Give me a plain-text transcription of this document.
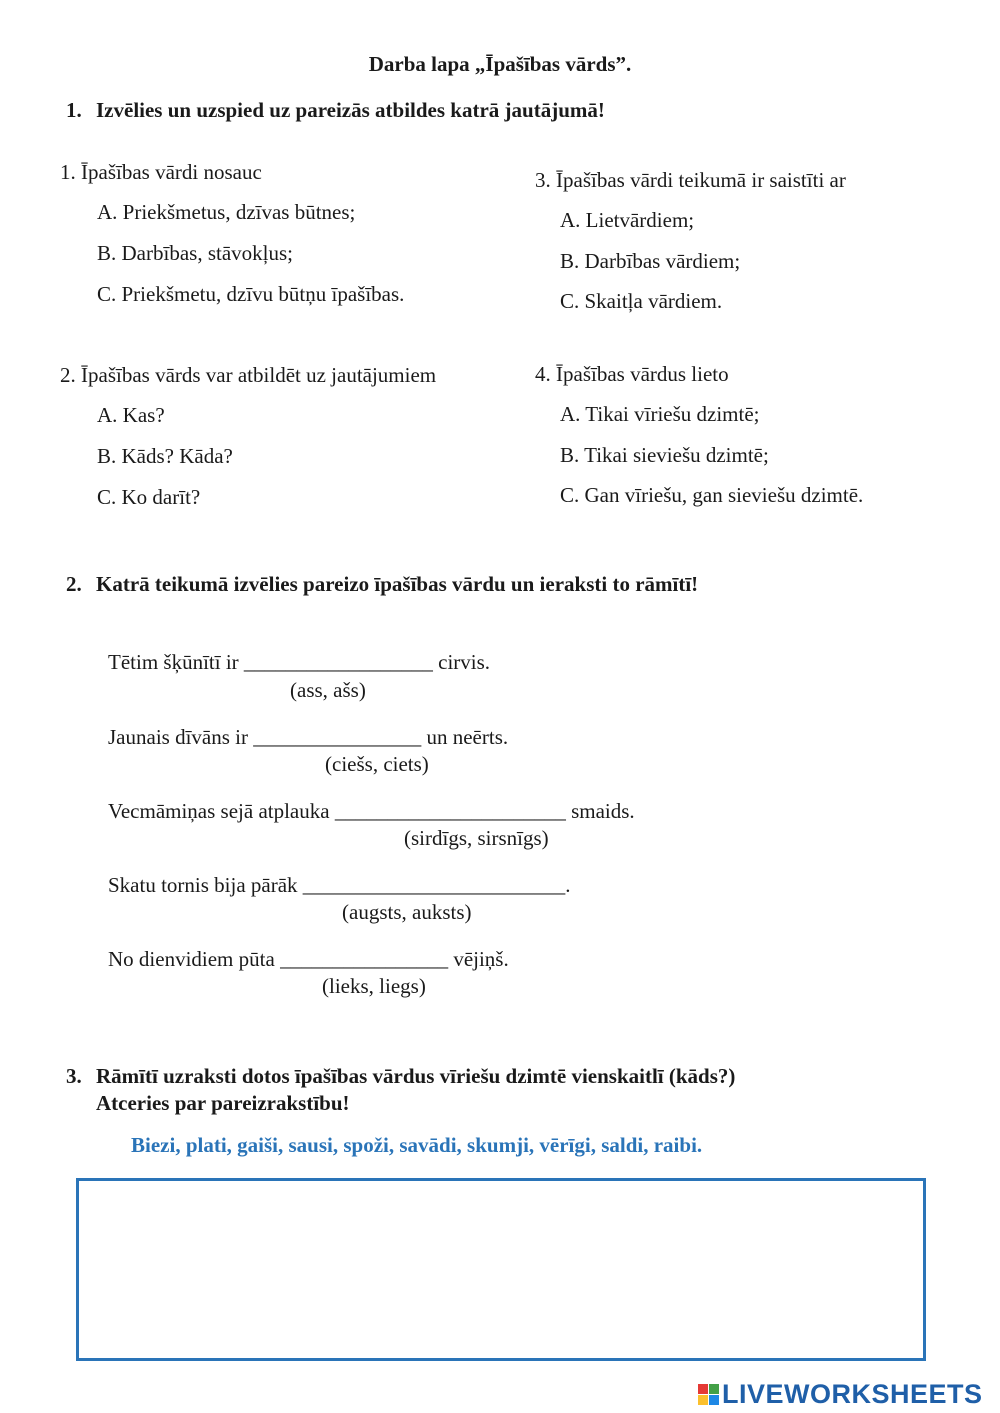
Darba lapa „Īpašības vārds”.
1. Izvēlies un uzspied uz pareizās atbildes katrā jautājumā!
1. Īpašības vārdi nosauc
A. Priekšmetus, dzīvas būtnes;
B. Darbības, stāvokļus;
C. Priekšmetu, dzīvu būtņu īpašības.
2. Īpašības vārds var atbildēt uz jautājumiem
A. Kas?
B. Kāds? Kāda?
C. Ko darīt?
3. Īpašības vārdi teikumā ir saistīti ar
A. Lietvārdiem;
B. Darbības vārdiem;
C. Skaitļa vārdiem.
4. Īpašības vārdus lieto
A. Tikai vīriešu dzimtē;
B. Tikai sieviešu dzimtē;
C. Gan vīriešu, gan sieviešu dzimtē.
2. Katrā teikumā izvēlies pareizo īpašības vārdu un ieraksti to rāmītī!
Tētim šķūnītī ir __________________ cirvis.
(ass, ašs)
Jaunais dīvāns ir ________________ un neērts.
(ciešs, ciets)
Vecmāmiņas sejā atplauka ______________________ smaids.
(sirdīgs, sirsnīgs)
Skatu tornis bija pārāk _________________________.
(augsts, auksts)
No dienvidiem pūta ________________ vējiņš.
(lieks, liegs)
3. Rāmītī uzraksti dotos īpašības vārdus vīriešu dzimtē vienskaitlī (kāds?)
Atceries par pareizrakstību!
Biezi, plati, gaiši, sausi, spoži, savādi, skumji, vērīgi, saldi, raibi.
LIVEWORKSHEETS
